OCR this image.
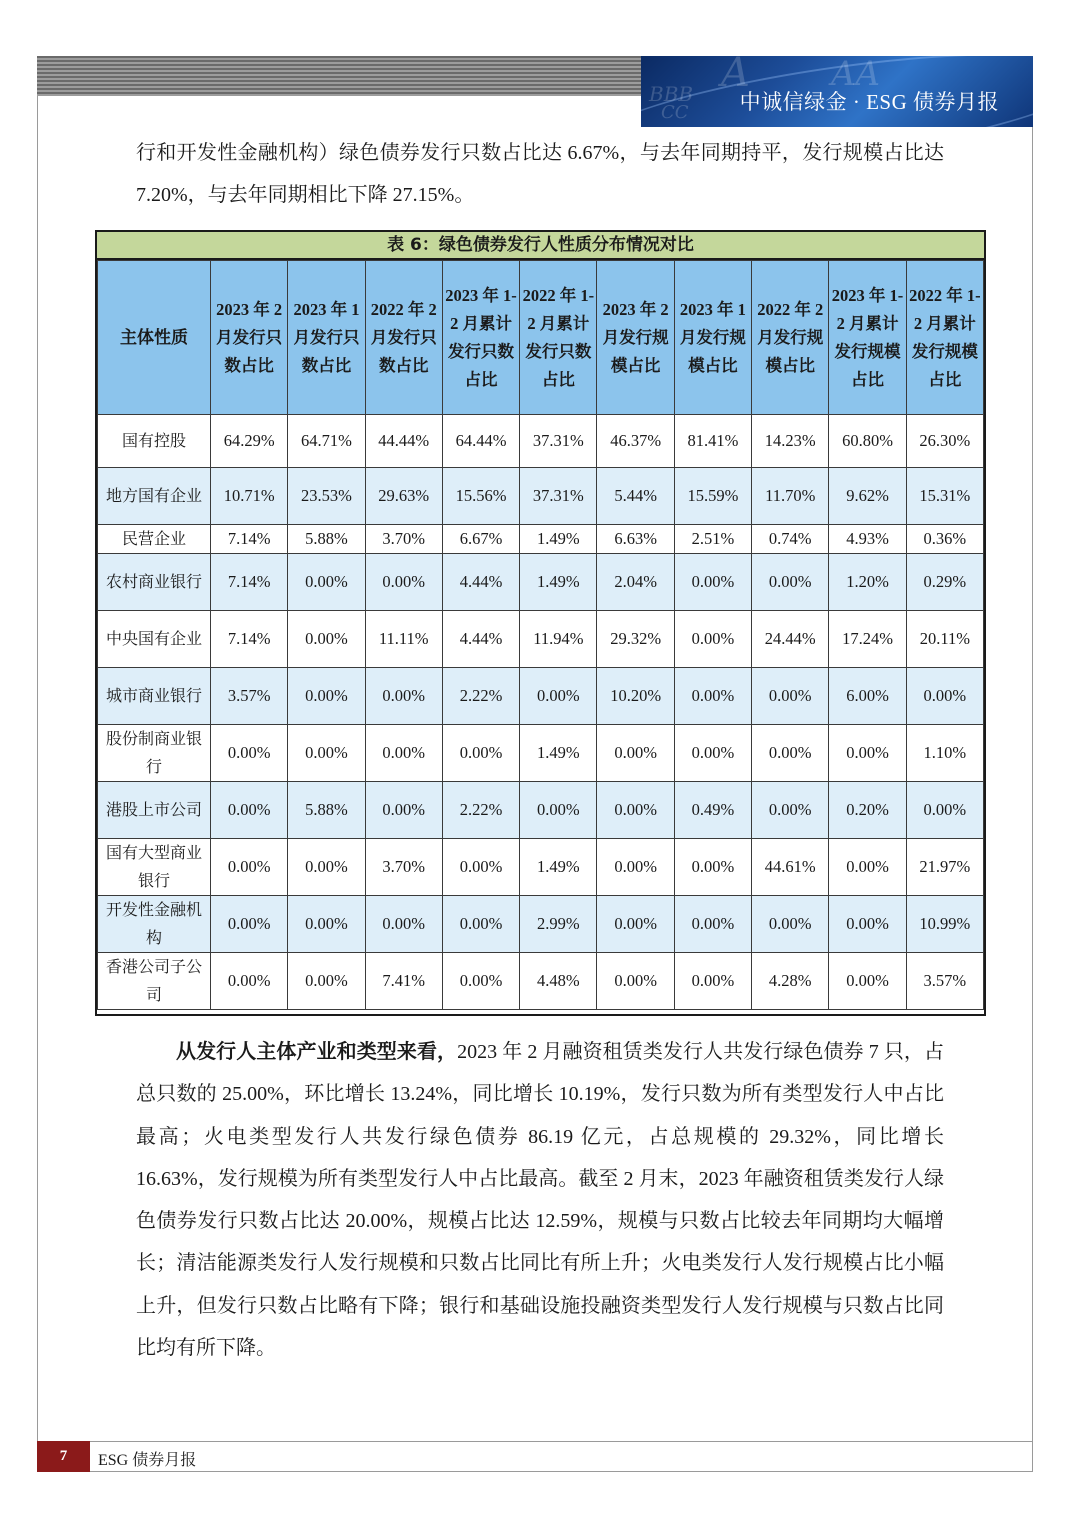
A AA
BBB
CC 中诚信绿金 · ESG 债券月报

行和开发性金融机构）绿色债券发行只数占比达 6.67%，与去年同期持平，发行规模占比达 7.20%，与去年同期相比下降 27.15%。

表 6：绿色债券发行人性质分布情况对比
主体性质	2023 年 2 月发行只数占比	2023 年 1 月发行只数占比	2022 年 2 月发行只数占比	2023 年 1-2 月累计发行只数占比	2022 年 1-2 月累计发行只数占比	2023 年 2 月发行规模占比	2023 年 1 月发行规模占比	2022 年 2 月发行规模占比	2023 年 1-2 月累计发行规模占比	2022 年 1-2 月累计发行规模占比
国有控股	64.29%	64.71%	44.44%	64.44%	37.31%	46.37%	81.41%	14.23%	60.80%	26.30%
地方国有企业	10.71%	23.53%	29.63%	15.56%	37.31%	5.44%	15.59%	11.70%	9.62%	15.31%
民营企业	7.14%	5.88%	3.70%	6.67%	1.49%	6.63%	2.51%	0.74%	4.93%	0.36%
农村商业银行	7.14%	0.00%	0.00%	4.44%	1.49%	2.04%	0.00%	0.00%	1.20%	0.29%
中央国有企业	7.14%	0.00%	11.11%	4.44%	11.94%	29.32%	0.00%	24.44%	17.24%	20.11%
城市商业银行	3.57%	0.00%	0.00%	2.22%	0.00%	10.20%	0.00%	0.00%	6.00%	0.00%
股份制商业银行	0.00%	0.00%	0.00%	0.00%	1.49%	0.00%	0.00%	0.00%	0.00%	1.10%
港股上市公司	0.00%	5.88%	0.00%	2.22%	0.00%	0.00%	0.49%	0.00%	0.20%	0.00%
国有大型商业银行	0.00%	0.00%	3.70%	0.00%	1.49%	0.00%	0.00%	44.61%	0.00%	21.97%
开发性金融机构	0.00%	0.00%	0.00%	0.00%	2.99%	0.00%	0.00%	0.00%	0.00%	10.99%
香港公司子公司	0.00%	0.00%	7.41%	0.00%	4.48%	0.00%	0.00%	4.28%	0.00%	3.57%

从发行人主体产业和类型来看，2023 年 2 月融资租赁类发行人共发行绿色债券 7 只，占总只数的 25.00%，环比增长 13.24%，同比增长 10.19%，发行只数为所有类型发行人中占比最高；火电类型发行人共发行绿色债券 86.19 亿元，占总规模的 29.32%，同比增长 16.63%，发行规模为所有类型发行人中占比最高。截至 2 月末，2023 年融资租赁类发行人绿色债券发行只数占比达 20.00%，规模占比达 12.59%，规模与只数占比较去年同期均大幅增长；清洁能源类发行人发行规模和只数占比同比有所上升；火电类发行人发行规模占比小幅上升，但发行只数占比略有下降；银行和基础设施投融资类型发行人发行规模与只数占比同比均有所下降。

7	ESG 债券月报
